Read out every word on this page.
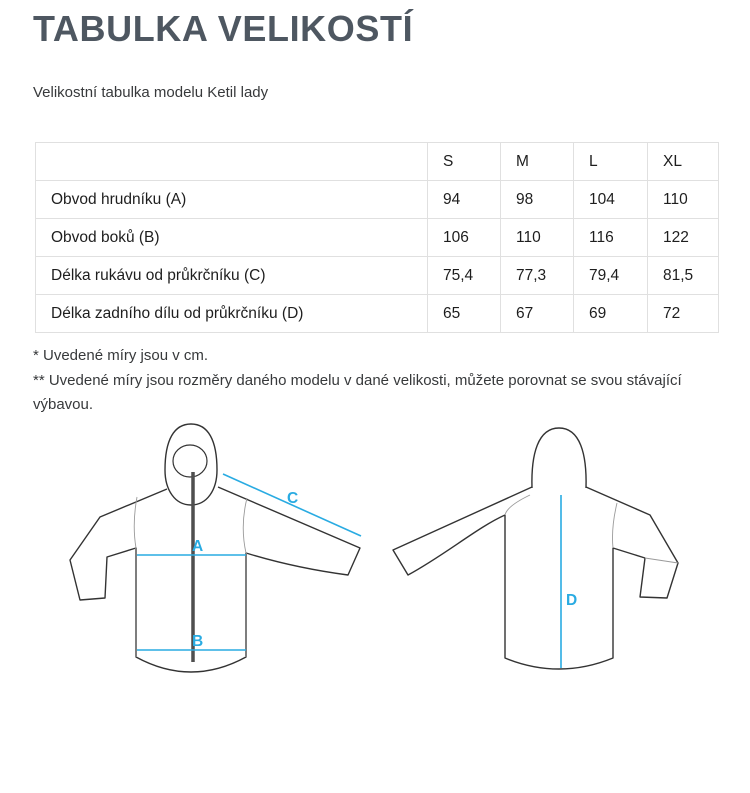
TABULKA VELIKOSTÍ

Velikostní tabulka modelu Ketil lady

	S	M	L	XL
Obvod hrudníku (A)	94	98	104	110
Obvod boků (B)	106	110	116	122
Délka rukávu od průkrčníku (C)	75,4	77,3	79,4	81,5
Délka zadního dílu od průkrčníku (D)	65	67	69	72

* Uvedené míry jsou v cm.

** Uvedené míry jsou rozměry daného modelu v dané velikosti, můžete porovnat se svou stávající výbavou.

A
B
C
D
